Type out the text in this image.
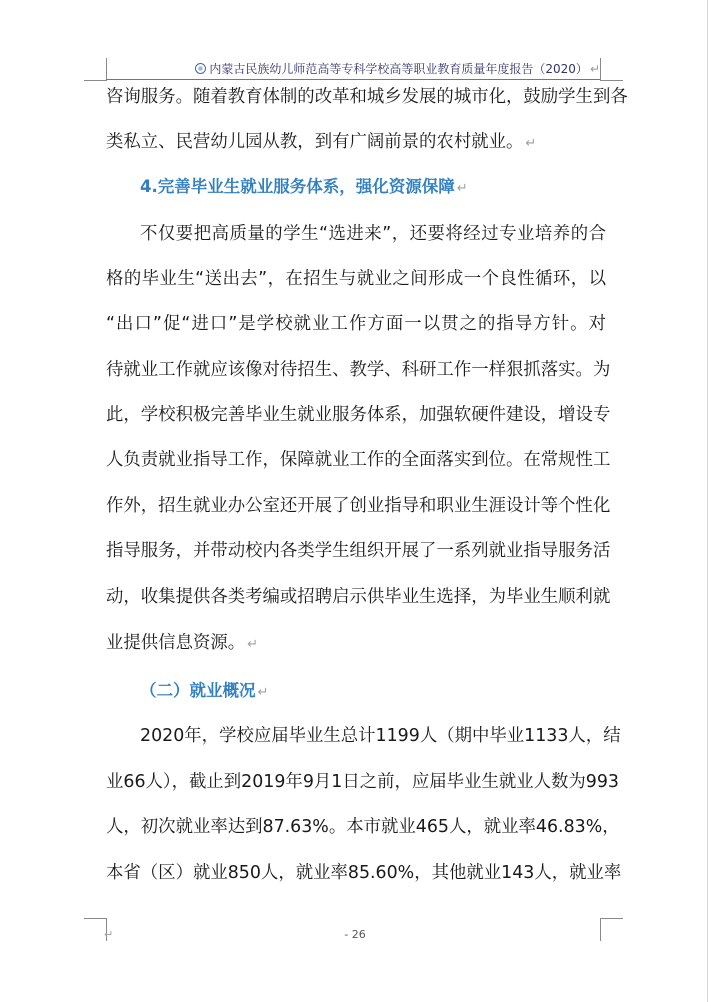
内蒙古民族幼儿师范高等专科学校高等职业教育质量年度报告（2020） ↵
咨询服务。随着教育体制的改革和城乡发展的城市化，鼓励学生到各
类私立、民营幼儿园从教，到有广阔前景的农村就业。 ↵
4.完善毕业生就业服务体系，强化资源保障 ↵
不仅要把高质量的学生“选进来”，还要将经过专业培养的合
格的毕业生“送出去”，在招生与就业之间形成一个良性循环，以
“出口”促“进口”是学校就业工作方面一以贯之的指导方针。对
待就业工作就应该像对待招生、教学、科研工作一样狠抓落实。为
此，学校积极完善毕业生就业服务体系，加强软硬件建设，增设专
人负责就业指导工作，保障就业工作的全面落实到位。在常规性工
作外，招生就业办公室还开展了创业指导和职业生涯设计等个性化
指导服务，并带动校内各类学生组织开展了一系列就业指导服务活
动，收集提供各类考编或招聘启示供毕业生选择，为毕业生顺利就
业提供信息资源。 ↵
（二）就业概况 ↵
2020年，学校应届毕业生总计1199人（期中毕业1133人，结
业66人），截止到2019年9月1日之前，应届毕业生就业人数为993
人，初次就业率达到87.63%。本市就业465人，就业率46.83%，
本省（区）就业850人，就业率85.60%，其他就业143人，就业率
↵	- 26
